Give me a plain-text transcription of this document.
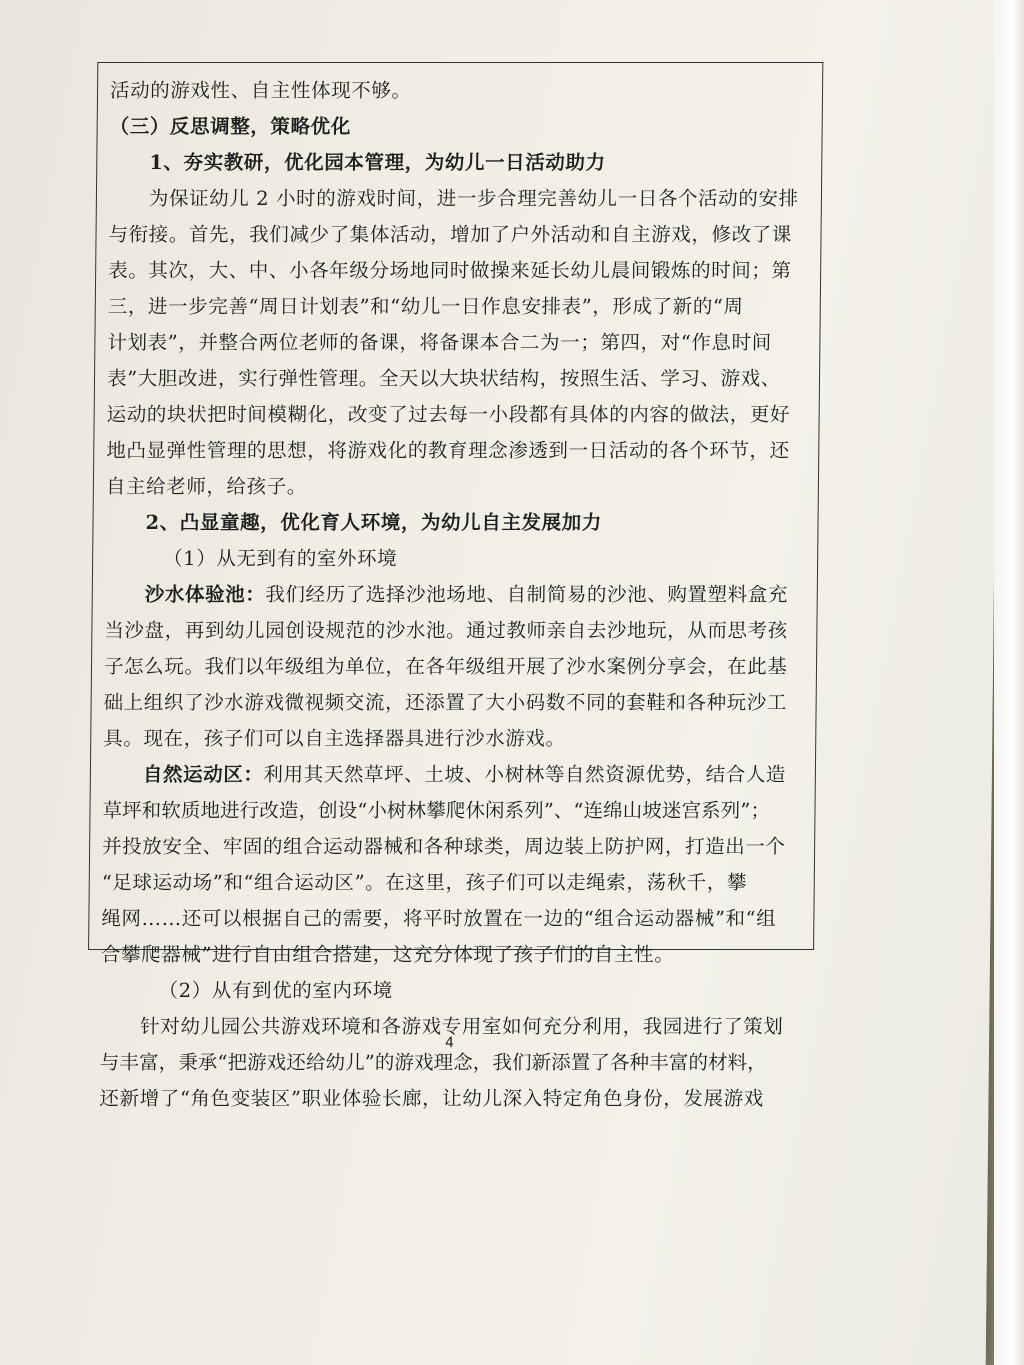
活动的游戏性、自主性体现不够。
（三）反思调整，策略优化
1、夯实教研，优化园本管理，为幼儿一日活动助力
为保证幼儿 2 小时的游戏时间，进一步合理完善幼儿一日各个活动的安排
与衔接。首先，我们减少了集体活动，增加了户外活动和自主游戏，修改了课
表。其次，大、中、小各年级分场地同时做操来延长幼儿晨间锻炼的时间；第
三，进一步完善“周日计划表”和“幼儿一日作息安排表”，形成了新的“周
计划表”，并整合两位老师的备课，将备课本合二为一；第四，对“作息时间
表”大胆改进，实行弹性管理。全天以大块状结构，按照生活、学习、游戏、
运动的块状把时间模糊化，改变了过去每一小段都有具体的内容的做法，更好
地凸显弹性管理的思想，将游戏化的教育理念渗透到一日活动的各个环节，还
自主给老师，给孩子。
2、凸显童趣，优化育人环境，为幼儿自主发展加力
（1）从无到有的室外环境
沙水体验池：我们经历了选择沙池场地、自制简易的沙池、购置塑料盒充
当沙盘，再到幼儿园创设规范的沙水池。通过教师亲自去沙地玩，从而思考孩
子怎么玩。我们以年级组为单位，在各年级组开展了沙水案例分享会，在此基
础上组织了沙水游戏微视频交流，还添置了大小码数不同的套鞋和各种玩沙工
具。现在，孩子们可以自主选择器具进行沙水游戏。
自然运动区：利用其天然草坪、土坡、小树林等自然资源优势，结合人造
草坪和软质地进行改造，创设“小树林攀爬休闲系列”、“连绵山坡迷宫系列”；
并投放安全、牢固的组合运动器械和各种球类，周边装上防护网，打造出一个
“足球运动场”和“组合运动区”。在这里，孩子们可以走绳索，荡秋千，攀
绳网……还可以根据自己的需要，将平时放置在一边的“组合运动器械”和“组
合攀爬器械”进行自由组合搭建，这充分体现了孩子们的自主性。
（2）从有到优的室内环境
针对幼儿园公共游戏环境和各游戏专用室如何充分利用，我园进行了策划
与丰富，秉承“把游戏还给幼儿”的游戏理念，我们新添置了各种丰富的材料，
还新增了“角色变装区”职业体验长廊，让幼儿深入特定角色身份，发展游戏
4
